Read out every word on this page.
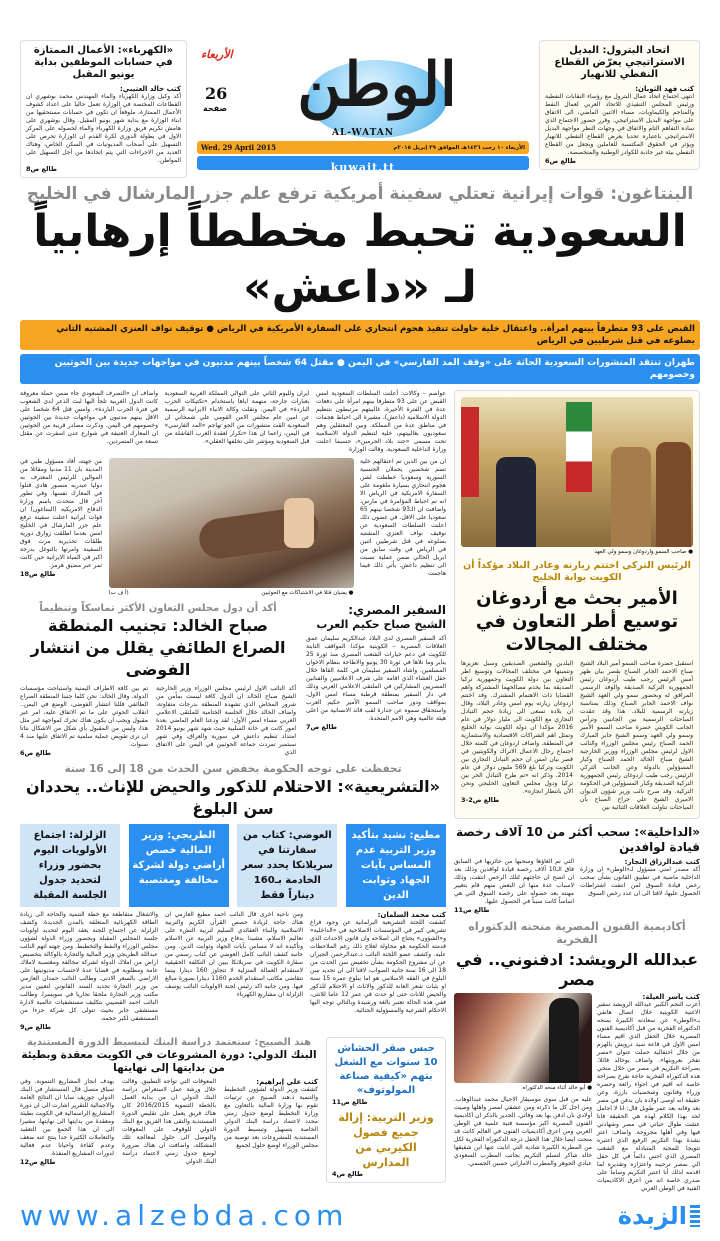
اتحاد البترول: البديل الاستراتيجي يعرّض القطاع النفطي للانهيار
كتب فهد الثوبان:
انتهى اجتماع اتحاد عمال البترول مع رؤساء النقابات النفطية ورئيس المجلس التنفيذي للاتحاد العربي لعمال النفط والمناجم والكيماويات، مساء الاثنين الماضي، الى الاتفاق على مواجهة البديل الاستراتيجي. وقرر حضور الاجتماع الذي ساده التفاهم التام والاتفاق في وجهات النظر مواجهة البديل الاستراتيجي باعتباره تحديا يعرض القطاع النفطي للانهيار ويؤثر في الحقوق المكتسبة للعاملين ويجعل من القطاع النفطي بيئة غير جاذبة للكوادر الوطنية والمتخصصة.
طالع ص6
الوطن
الأربعاء
26
صفحة
AL-WATAN
Wed. 29 April 2015	الأربعاء ١٠ رجب ١٤٣٦هـ الموافق ٢٩ إبريل ٢٠١٥م
kuwait.tt
«الكهرباء»: الأعمال الممتازة في حسابات الموظفين بداية يونيو المقبل
كتب خالد العتيبي:
أكد وكيل وزارة الكهرباء والماء المهندس محمد بوشهري ان القطاعات المختصة في الوزارة تعمل حاليا على اعداد كشوف الأعمال الممتازة، ملوقعاً ان تكون في حسابات مستحقيها من ابناء الوزارة مع بداية شهر يونيو المقبل. وقال بوشهري على هامش تكريم فريق وزارة الكهرباء والماء لحصوله على المركز الاول في بطولة الدوري لكرة القدم ان الوزارة تحرص على التسهيل على أصحاب المديونيات في السكن الخاص، وهناك العديد من الاجراءات التي يتم اتخاذها من أجل التسهيل على المواطن.
طالع ص8
البنتاغون: قوات إيرانية تعتلي سفينة أمريكية ترفع علم جزر المارشال في الخليج
السعودية تحبط مخططاً إرهابياً لـ «داعش»
القبض على 93 متطرفاً بينهم امرأة.. واعتقال خلية حاولت تنفيذ هجوم انتحاري على السفارة الأمريكية في الرياض ● توقيف نواف العنزي المشتبه الثاني بضلوعه في قتل شرطيين في الرياض
طهران تنتقد المنشورات السعودية الحاثة على «وقف المد الفارسي» في اليمن ● مقتل 64 شخصاً بينهم مدنيون في مواجهات جديدة بين الحوثيين وخصومهم
● صاحب السمو واردوغان وسمو ولي العهد
الرئيس التركي اختتم زيارته وغادر البلاد مؤكداً أن الكويت بوابة الخليج
الأمير بحث مع أردوغان توسيع أطر التعاون في مختلف المجالات
استقبل حضرة صاحب السمو أمير البلاد الشيخ صباح الاحمد الجابر الصباح بقصر بيان ظهر أمس الرئيس رجب طيب أردوغان رئيس الجمهورية التركية الصديقة والوفد الرسمي المرافق له وبحضور سمو ولي العهد الشيخ نواف الاحمد الجابر الصباح وذلك بمناسبة زيارته الرسمية للبلاد. هذا وقد عقدت المباحثات الرسمية بين الجانبين وترأس الجانب الكويتي حضرة صاحب السمو الأمير وسمو ولي العهد وسمو الشيخ جابر المبارك الحمد الصباح رئيس مجلس الوزراء والنائب الاول لرئيس مجلس الوزراء ووزير الخارجية الشيخ صباح الخالد الحمد الصباح وكبار المسؤولين بالدولة وعن الجانب التركي الرئيس رجب طيب اردوغان رئيس الجمهورية التركية الصديقة وكبار المسؤولين في الحكومة التركية. وقد صرح نائب وزير شؤون الديوان الاميري الشيخ علي جراح الصباح بأن المباحثات تناولت العلاقات الثنائية بين
البلدين والشعبين الصديقين وسبل تعزيزها وتنميتها في مختلف المجالات وتوسيع اطر التعاون بين دولة الكويت وجمهورية تركيا الصديقة بما يخدم مصالحهما المشتركة واهم القضايا ذات الاهتمام المشترك. وقد اختتم اردوغان زيارته يوم امس وغادر البلاد، وقال ان بلاده تسعى الى زيادة حجم التبادل التجاري مع الكويت الى مليار دولار في عام 2016 مؤكدا ان دولة الكويت بوابة الخليج وتمثل اهم الشراكات الاقتصادية والاستثمارية في المنطقة. واضاف اردوغان في كلمته خلال اجتماع رجال الاعمال الاتراك والكويتيين في قصر بيان امس ان حجم التبادل التجاري بين الكويت وتركيا بلغ 569 مليون دولار في عام 2014، وذكر انه «تم طرح التبادل الحر بين تركيا ودول مجلس التعاون الخليجي ونحن الآن بانتظار انجازه».
طالع ص2-3
«الداخلية»: سحب أكثر من 10 آلاف رخصة قيادة لوافدين
كتب عبدالرزاق النجار:
أكد مصدر امني مسؤول لـ«الوطن» ان وزارة الداخلية ماضية في تطبيق القانون بشأن سحب رخص قيادة السوق لمن انتفت اشتراطات الحصول عليها، لافتا الى ان عدد رخص السوق
التي تم الغاؤها وسحبها من حائزيها في السابق فاق الـ10 آلاف رخصة قيادة لوافدين وذلك بعد ان اتضح ان حاجتهم لتلك الرخص انتفت، وذلك لاسباب عدة منها ان البعض منهم قام بتغيير مهنته بعد حصوله على رخصة السوق التي هي اساساً كانت سبباً في الحصول عليها.
طالع ص11
أكاديمية الفنون المصرية منحته الدكتوراه الفخرية
عبدالله الرويشد: ادفنوني.. في مصر
كتب ياسر العيلة:
أعرب النجم الكبير عبدالله الرويشد سفير الاغنية الكويتية خلال اتصال هاتفي بـ«الوطن» عن سعادته الكبيرة بمنحه الدكتوراه الفخرية من قبل أكاديمية الفنون المصرية خلال الحفل الذي اقيم مساء امس الاول في قاعة سيد درويش بالهرم من خلال احتفالية حملت عنوان «مصر تفخر بعروبتها». واضاف بوخالد قائلا: بصراحة التكريم في مصر من خلال منحي هذه الدكتوراه الفخرية حاجة تفرح بصراحة خاصة انه اقيم في اجواء رائعة وحضره وزراء وفنانون وشخصيات بارزة، وعن حقيقة انه اوصى اولاده بان يدفن في مصر بعد وفاته بعد عمر طويل قال: انا لا اجامل لحد بهذا الكلام لهذه هي الحقيقة فانا عشت طوال حياتي في مصر وشهادتي فيها وفي أهلها مجروحة. واضاف: اعتز بشدة بهذا التكريم الرفيع الذي اعتبره تتويجا للمحبة المتبادلة مع الشعب المصري الذي احس دائماً في كل حفل الي بمصر ترحيبه واعتزازه وتقديره لما اقدمه لذلك أنا اعتبر التكريم وساماً على صدري خاصة انه من اعرق الاكاديميات الفنية في الوطن العربي
● أبو خالد أثناء منحه الدكتوراه
عليه من قبل سوى موسيقار الاجيال محمد عبدالوهاب. ومن اجل كل ما ذكرته ومن عشقي لمصر واهلها وصيت أولادي بان ادفن بها بعد وفاتي. الجدير بالذكر ان اكاديمية الفنون المصرية اكبر مؤسسة فنية علمية في الوطن العربي ومن اعرق أكاديميات الفنون في العالم كانت قد منحت ايضا خلال هذا الحفل درجة الدكتوراه الفخرية لكل من المطربة الكبيرة شادية التي انابت عنها ابن شقيقها خالد شاكر لتسلم التكريم بجانب المطرب السعودي عبادي الجوهر والمطرب الاماراتي حسين الجسمي.
عواصم – وكالات: أعلنت السلطات السعودية امس القبض عن على 93 متطرفا بينهم امرأة على دفعات عدة في الفترة الأخيرة، غالبيتهم مرتبطون بتنظيم الدولة الاسلامية (داعش)، مشيرة الى احباط هجمات في مناطق عدة من المملكة. وبين المعتقلين وهم سعوديون بغالبيتهم، خلية لتنظيم الدولة الاسلامية تحت مسمى «جند بلاد الحرمين»، حسبما اعلنت وزارة الداخلية السعودية. وقالت الوزارة
ايران ولليوم الثاني على التوالي المملكة العربية السعودية بعبارات جارحة، متهمة اياها باستخدام «تكتيكات الحرب الباردة» في اليمن. ونقلت وكالة الانباء الايرانية الرسمية عن امين عام مجلس الامن القومي علي شمخاني ان السعودية القت منشورات من الجو تهاجم «المد الفارسي» في اليمن، زاعما ان هذا «تكرار لعقدة الغرب الفاشلة من قبل السعودية ومؤشر على تخلفها العقلي».
واضاف ان «التصرف السعودي جاء ضمن حملة معروفة كانت الدول الغربية تلجأ اليها لبث الذعر لدى الشعوب في فترة الحرب الباردة». وامس قتل 64 شخصا على الاقل بينهم مدنيون في مواجهات جديدة بين الحوثيين وخصومهم في اليمن. وذكرت مصادر قريبة من الحوثيين ان المعارك العنيفة في شوارع عدن اسفرت عن مقتل تسعة من المتمردين.
ان من بين الذين تم اعتقالهم خلية تضم شخصين يحملان الجنسية السورية وسعوديا خططت لشن هجوم انتحاري بسيارة ملغومة على السفارة الامريكية في الرياض الا انه تم احباط المؤامرة في مارس، واضافت ان الـ93 شخصا بينهم 65 سعوديا على الاقل. في غضون ذلك اعلنت السلطات السعودية عن توقيف نواف العنزي المشتبه بضلوعه في قتل شرطيين اثنين في الرياض في وقت سابق من ابريل الحالي ضمن عملية نسبت الى تنظيم داعش. يأتي ذلك فيما هاجمت
(أ ف ب)	● يمنيان قتلا في الاشتباكات مع الحوثيين
من جهته، أفاد مسؤول طبي في المدينة بان 11 مدنيا ومقاتلا من الموالين للرئيس المعترف به دوليا عبدربه منصور هادي قتلوا في المعارك نفسها. وفي تطور آخر قال متحدث باسم وزارة الدفاع الامريكية (البنتاغون) ان قوات ايرانية اعتلت سفينة ترفع علم جزر المارشال في الخليج امس بعدما اطلقت زوارق دورية طلقات تحذيرية مرت فوق السفينة وامرتها بالتوغل بدرجة اكبر في المياه الايرانية حين كانت تمر عبر مضيق هرمز.
طالع ص18
السفير المصري:
الشيخ صباح حكيم العرب
أكد السفير المصري لدى البلاد عبدالكريم سليمان عمق العلاقات المصرية – الكويتية مؤكدا المواقف الثابتة للكويت في دعم خيارات الشعب المصري منذ ثورة 25 يناير وما تلاها في ثورة 30 يونيو والاطاحة بنظام الاخوان المسلمين. واشاد السفير سليمان في كلمة القاها خلال حفل العشاء الذي اقامه على شرف الاعلاميين والفنانين المصريين المشاركين في الملتقى الاعلامي العربي وذلك في دار السفير بمنطقة قرطبة مساء امس الاول، بمواقف ودور صاحب السمو الأمير حكيم العرب واستحقاق سموه عن جدارة لقب قائد الانسانية من اعلى هيئة عالمية وهي الامم المتحدة.
طالع ص7
أكد أن دول مجلس التعاون الأكثر تماسكاً وتنظيماً
صباح الخالد: تجنيب المنطقة الصراع الطائفي يقلل من انتشار الفوضى
أكد النائب الاول لرئيس مجلس الوزراء وزير الخارجية الشيخ صباح الخالد ان الدول كافة ليست بمأمن من شرور المخاض الذي تشهده المنطقة بدرجات متفاوتة، واضاف الخالد خلال الجلسة الختامية للملتقى الاعلامي العربي مساء امس الأول: لقد ودعنا العام الماضي بعدة امور كانت في خانة السلبية حيث شهد شهر يونيو 2014 امتداد تنظيم داعش في سورية والعراق، وفي شهر سبتمبر تمردت جماعة الحوثيين في اليمن على الاتفاق الذي
تم بين كافة الاطراف اليمنية واستباحت مؤسسات الدولة. وقال الخالد: نحن كلما جنبنا المنطقة الصراع الطائفي قللنا انتشار الفوضى، الوضع في اليمن.. انقلاب الحوثي على ما تم الاتفاق عليه، امر غير مقبول ويجب ان يكون هناك تحرك لمواجهة امر مثل هذا، وليس من المقبول بأي شكل من الاشكال بتاتا ان نرى تقويض عملية سلمية تم الاتفاق عليها منذ 4 سنوات.
طالع ص6
تحفظت على توجه الحكومة بخفض سن الحدث من 18 إلى 16 سنة
«التشريعية»: الاحتلام للذكور والحيض للإناث.. يحددان سن البلوغ
مطيع: نشيد بتأكيد وزير التربية عدم المساس بآيات الجهاد وثوابت الدين
العوضي: كتاب من سفارتنا في سريلانكا يحدد سعر الخادمة بـ160 ديناراً فقط
الطريجي: وزير المالية خصص أراضي دولة لشركة مخالفة ومغتصبة
الزلزلة: اجتماع الأولويات اليوم بحضور وزراء لتحديد جدول الجلسة المقبلة
كتب محمد السلمان:
كشفت اللجنة التشريعية البرلمانية عن وجود فراغ تشريعي كبير في المؤسسات الاصلاحية في «الداخلية» و«الشؤون» يحتاج الى اصلاحه وان قانون الاحداث الذي قدمته الحكومة هو محاولة لعلاج ذلك رغم الملاحظات عليه. وكشف عضو اللجنة النائب د.عبدالرحمن الجيران عن ان مشروع الحكومة بشأن تخفيض سن الحدث من 18 الى 16 سنة جانبه الصواب، لافتا الى ان تحديد سن البلوغ في الفقه الاسلامي هو اما ببلوغ عمره 15 سنة او بثبات شعر العانة للذكور والاناث او الاحتلام للذكور والحيض للاناث حتى لو حدث في عمر 12 عاما للانثى، ففي هذه الحالة تعتبر بالغة ورشيدة وبالتالي توجه اليها الاحكام الشرعية والمسؤولية الجنائية.
ومن ناحية اخرى قال النائب احمد مطيع العازمي ان هناك حاجة لزيادة حصص القرآن الكريم والتربية الاسلامية والبناء العقائدي السليم لتربية النشء على تعاليم الاسلام، مشيدا بدفاع وزير التربية عن الاسلام وتأكيده انه لا مساس بآيات الجهاد وثوابت الدين. ومن جانبه كشف النائب كامل العوضي عن كتاب رسمي من سفارة الكويت في سريلانكا يبين ان التكلفة الحقيقية لاستقدام العمالة المنزلية لا تتجاوز 160 دينارا بينما تتقاضى مكاتب استقدام الخدم 1160 دينارا بصورة مبالغ فيها. ومن جانبه اكد رئيس لجنة الاولويات النائب يوسف الزلزلة ان مشاريع الكهرباء
والاشغال متقاطعة مع خطة التنمية والحاجة الى زيادة الطاقة الكهربائية المتعلقة بالمدن الجديدة. وكشف الزلزلة عن اجتماع للجنة يعقد اليوم لتحديد اولويات جلسة المجلس المقبلة وبحضور وزراء الدولة لشؤون مجلس الوزراء والنفط والتخطيط. ومن جهته اتهم النائب عبدالله الطريجي وزير المالية والتجارة بالوكالة بتخصيص اراض من املاك الدولة لشركة مخالفة ومغتصبة لاملاك عامة ومطلوبة في قضايا عدة لاحتساب مديونيتها على الاراضي بالسعر الادنى. وطالب النائب حمدان العازمي من وزير التجارة تحديد السند القانوني لتعيين مدير مكتب وزير التجارة ملحقا تجاريا في سويسرا. وطالب النائب احمد القضيبي بتكليف مستشفيات عالمية لادارة مستشفى جابر بحيث تتولى كل شركة جزءا من المستشفى لكبر حجمه.
طالع ص9
حبس صقر الحشاش 10 سنوات مع الشغل بتهم «كيفية صناعة المولوتوف»
طالع ص11
وزير التربية: إزالة جميع فصول الكيربي من المدارس
طالع ص4
هند الصبيح: سنعتمد دراسة البنك لتبسيط الدورة المستندية
البنك الدولي: دورة المشروعات في الكويت معقدة وبطيئة من بدايتها إلى نهايتها
كتب علي إبراهيم:
كشفت وزير الدولة لشؤون التخطيط والتنمية د.هند الصبيح عن ترتيبات تقوم بها وزارة المالية بالتعاون مع وزارة التخطيط لوضع جدول زمني محدد لاعتماد دراسة البنك الدولي الخاصة بتسهيل وتبسيط الدورة المستندية للمشروعات بعد توصية من مجلس الوزراء لوضع حلول لجميع
المعوقات التي تواجه التطبيق. وقالت خلال ورشة عمل لاستعراض دراسة البنك الدولي ان من بداية العمل بالخطة التنموية 2016/2015 كان هناك فريق يعمل على تقليص الدورة المستندية والتقى هذا الفريق مع البنك الدولي للوقوف على المعوقات والتوصل الى حلول لمعالجة تلك المشكلة، واضافت ان هناك ضرورة لوضع جدول زمني لاعتماد دراسة البنك الدولي
بهدف انجاز المشاريع التنموية. وفي سياق متصل قال المستشار في البنك الدولي جوزيف سابا ان النتائج العامة والاجمالية للتقرير اشارت الى ان دورة المشاريع الراسمالية في الكويت بطيئة ومعقدة من بدايتها الى نهايتها، مشيرا الى ان هذا الجمع بين التعقيد والتعاملات الكثيرة جدا ينتج عنه ضعف وعدم كفاءة واحيانا عدم فعالية لدورات المشاريع المنفذة.
طالع ص12
الزبدة
www.alzebda.com
